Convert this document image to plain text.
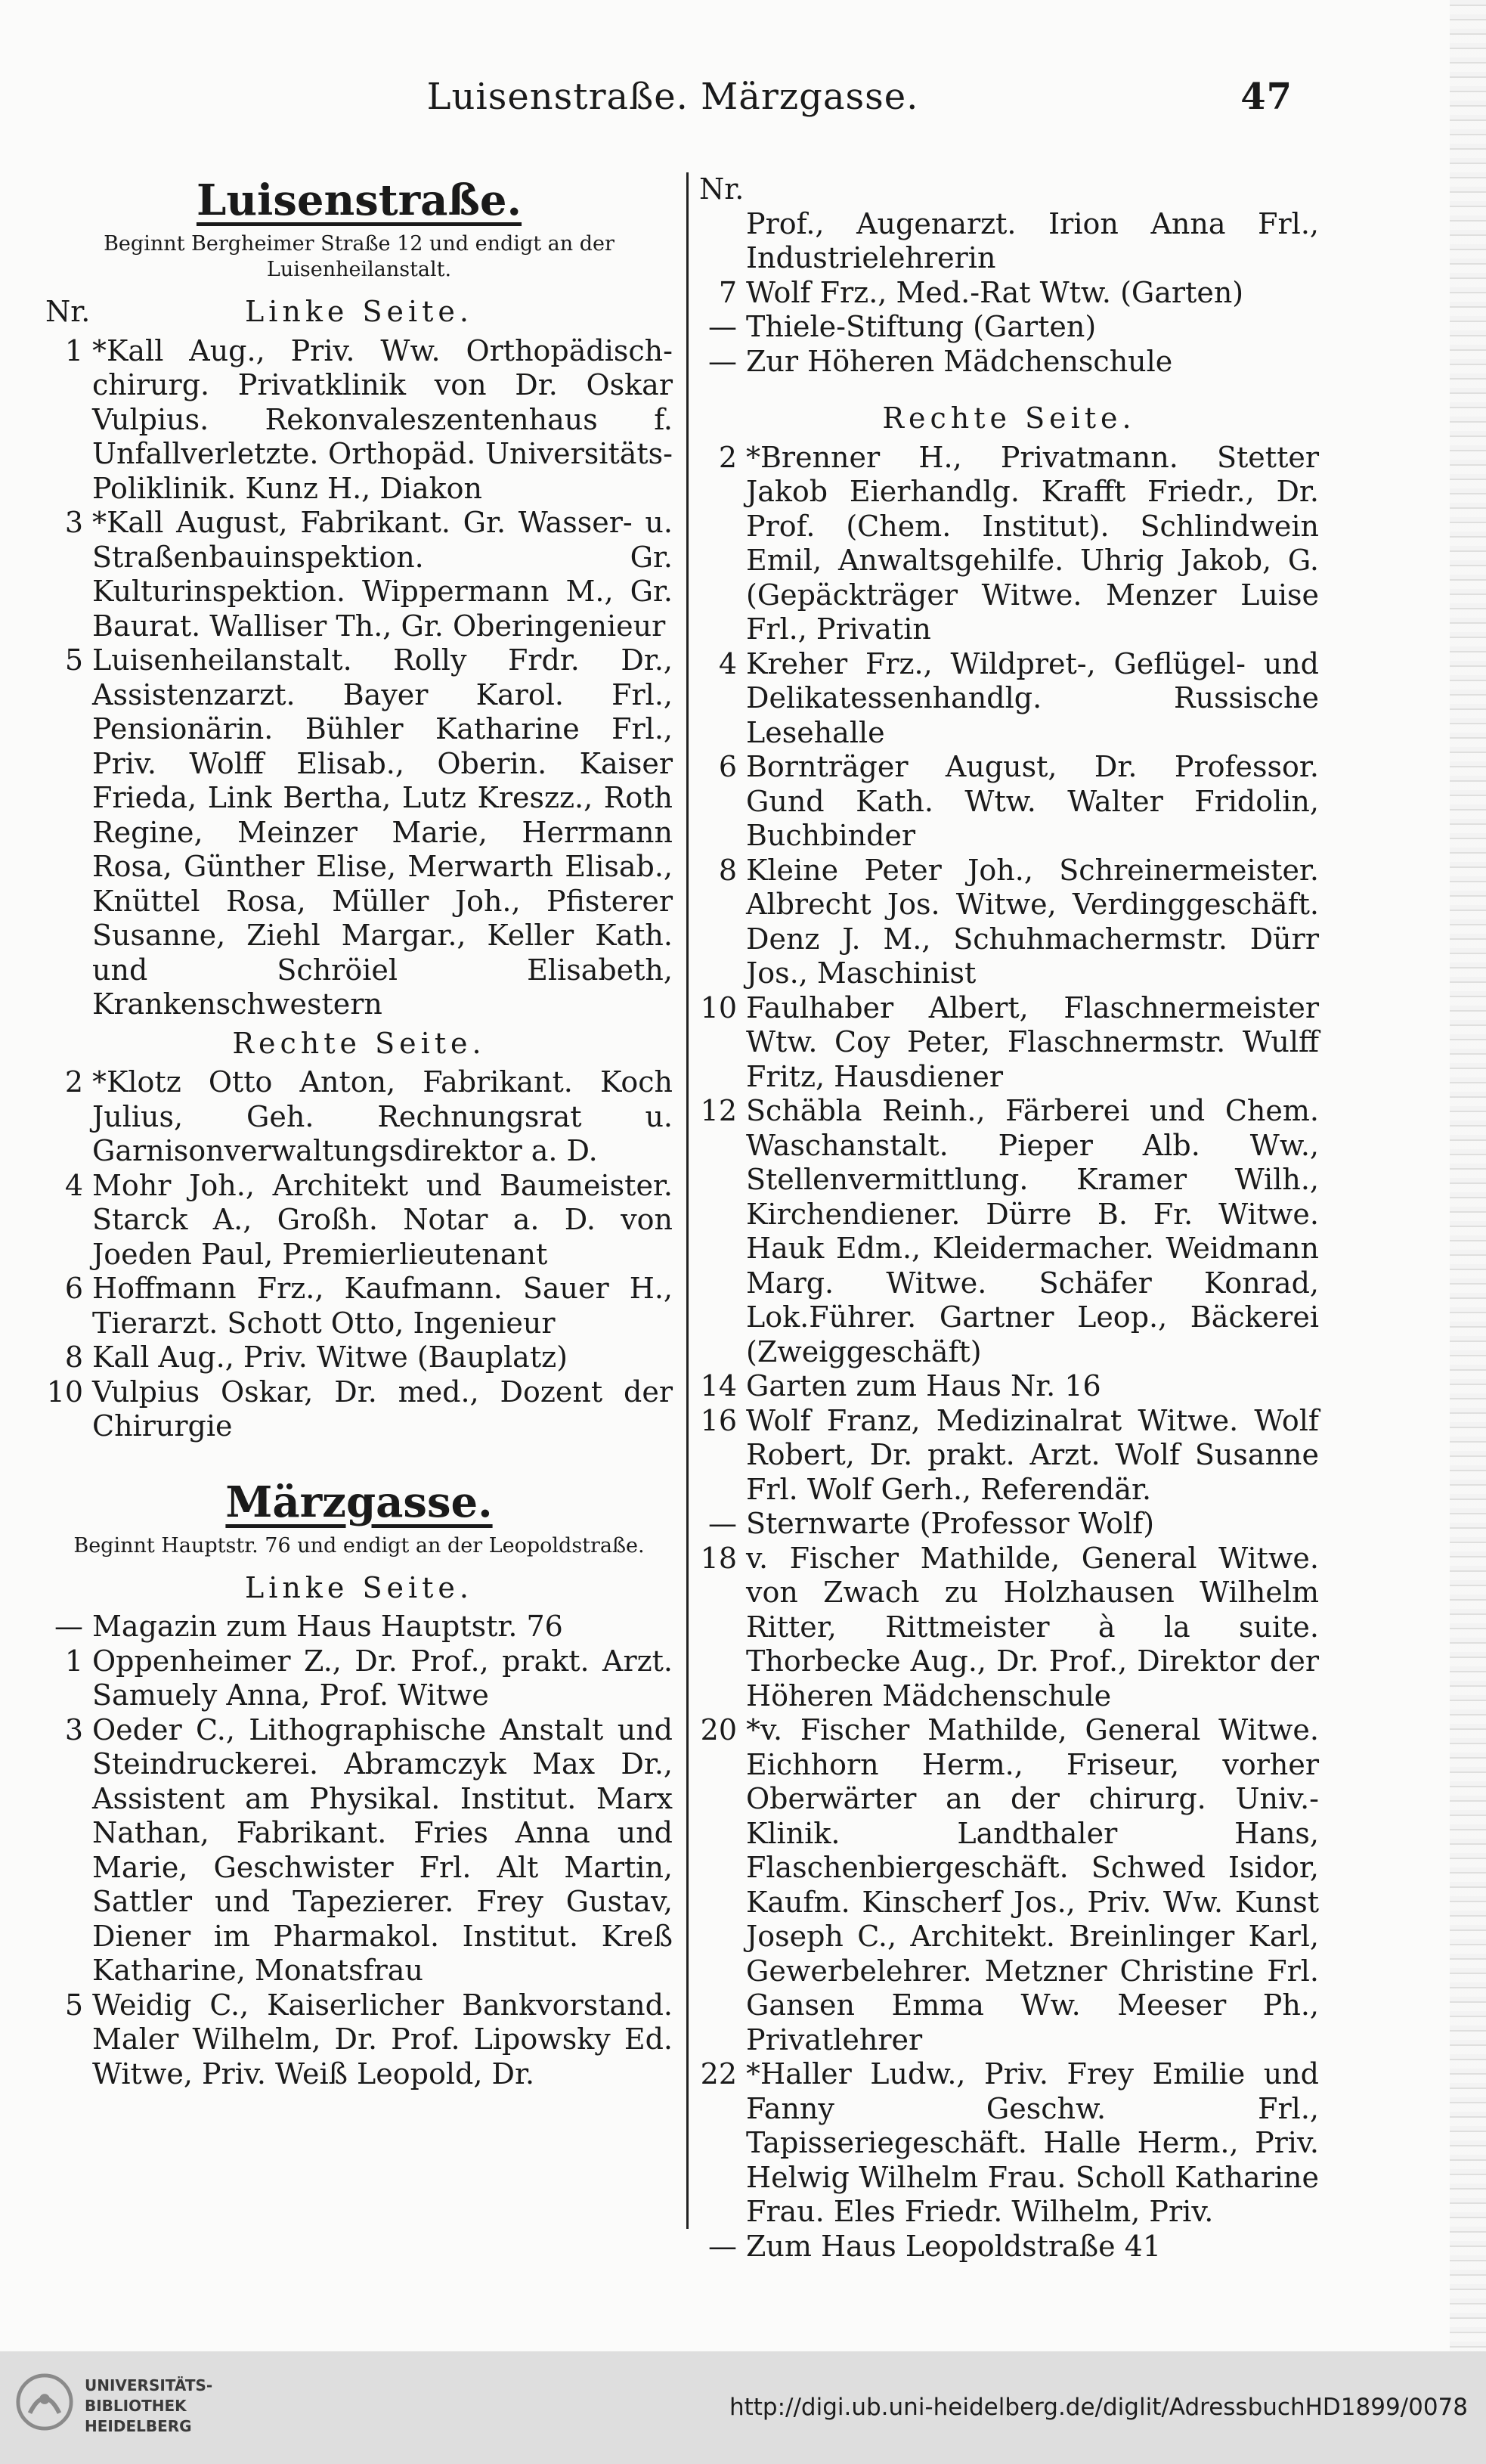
Luisenstraße. Märzgasse.	47
Luisenstraße.
Beginnt Bergheimer Straße 12 und endigt an der Luisenheilanstalt.
Nr.	Linke Seite.
1 *Kall Aug., Priv. Ww. Orthopädisch-chirurg. Privatklinik von Dr. Oskar Vulpius. Rekonvaleszentenhaus f. Unfallverletzte. Orthopäd. Universitäts-Poliklinik. Kunz H., Diakon
3 *Kall August, Fabrikant. Gr. Wasser- u. Straßenbauinspektion. Gr. Kulturinspektion. Wippermann M., Gr. Baurat. Walliser Th., Gr. Oberingenieur
5 Luisenheilanstalt. Rolly Frdr. Dr., Assistenzarzt. Bayer Karol. Frl., Pensionärin. Bühler Katharine Frl., Priv. Wolff Elisab., Oberin. Kaiser Frieda, Link Bertha, Lutz Kreszz., Roth Regine, Meinzer Marie, Herrmann Rosa, Günther Elise, Merwarth Elisab., Knüttel Rosa, Müller Joh., Pfisterer Susanne, Ziehl Margar., Keller Kath. und Schröiel Elisabeth, Krankenschwestern
Rechte Seite.
2 *Klotz Otto Anton, Fabrikant. Koch Julius, Geh. Rechnungsrat u. Garnisonverwaltungsdirektor a. D.
4 Mohr Joh., Architekt und Baumeister. Starck A., Großh. Notar a. D. von Joeden Paul, Premierlieutenant
6 Hoffmann Frz., Kaufmann. Sauer H., Tierarzt. Schott Otto, Ingenieur
8 Kall Aug., Priv. Witwe (Bauplatz)
10 Vulpius Oskar, Dr. med., Dozent der Chirurgie
Märzgasse.
Beginnt Hauptstr. 76 und endigt an der Leopoldstraße.
Linke Seite.
— Magazin zum Haus Hauptstr. 76
1 Oppenheimer Z., Dr. Prof., prakt. Arzt. Samuely Anna, Prof. Witwe
3 Oeder C., Lithographische Anstalt und Steindruckerei. Abramczyk Max Dr., Assistent am Physikal. Institut. Marx Nathan, Fabrikant. Fries Anna und Marie, Geschwister Frl. Alt Martin, Sattler und Tapezierer. Frey Gustav, Diener im Pharmakol. Institut. Kreß Katharine, Monatsfrau
5 Weidig C., Kaiserlicher Bankvorstand. Maler Wilhelm, Dr. Prof. Lipowsky Ed. Witwe, Priv. Weiß Leopold, Dr.
Nr.
Prof., Augenarzt. Irion Anna Frl., Industrielehrerin
7 Wolf Frz., Med.-Rat Wtw. (Garten)
— Thiele-Stiftung (Garten)
— Zur Höheren Mädchenschule
Rechte Seite.
2 *Brenner H., Privatmann. Stetter Jakob Eierhandlg. Krafft Friedr., Dr. Prof. (Chem. Institut). Schlindwein Emil, Anwaltsgehilfe. Uhrig Jakob, G.(Gepäckträger Witwe. Menzer Luise Frl., Privatin
4 Kreher Frz., Wildpret-, Geflügel- und Delikatessenhandlg. Russische Lesehalle
6 Bornträger August, Dr. Professor. Gund Kath. Wtw. Walter Fridolin, Buchbinder
8 Kleine Peter Joh., Schreinermeister. Albrecht Jos. Witwe, Verdinggeschäft. Denz J. M., Schuhmachermstr. Dürr Jos., Maschinist
10 Faulhaber Albert, Flaschnermeister Wtw. Coy Peter, Flaschnermstr. Wulff Fritz, Hausdiener
12 Schäbla Reinh., Färberei und Chem. Waschanstalt. Pieper Alb. Ww., Stellenvermittlung. Kramer Wilh., Kirchendiener. Dürre B. Fr. Witwe. Hauk Edm., Kleidermacher. Weidmann Marg. Witwe. Schäfer Konrad, Lok.Führer. Gartner Leop., Bäckerei (Zweiggeschäft)
14 Garten zum Haus Nr. 16
16 Wolf Franz, Medizinalrat Witwe. Wolf Robert, Dr. prakt. Arzt. Wolf Susanne Frl. Wolf Gerh., Referendär.
— Sternwarte (Professor Wolf)
18 v. Fischer Mathilde, General Witwe. von Zwach zu Holzhausen Wilhelm Ritter, Rittmeister à la suite. Thorbecke Aug., Dr. Prof., Direktor der Höheren Mädchenschule
20 *v. Fischer Mathilde, General Witwe. Eichhorn Herm., Friseur, vorher Oberwärter an der chirurg. Univ.-Klinik. Landthaler Hans, Flaschenbiergeschäft. Schwed Isidor, Kaufm. Kinscherf Jos., Priv. Ww. Kunst Joseph C., Architekt. Breinlinger Karl, Gewerbelehrer. Metzner Christine Frl. Gansen Emma Ww. Meeser Ph., Privatlehrer
22 *Haller Ludw., Priv. Frey Emilie und Fanny Geschw. Frl., Tapisseriegeschäft. Halle Herm., Priv. Helwig Wilhelm Frau. Scholl Katharine Frau. Eles Friedr. Wilhelm, Priv.
— Zum Haus Leopoldstraße 41
UNIVERSITÄTS-
BIBLIOTHEK
HEIDELBERG
http://digi.ub.uni-heidelberg.de/diglit/AdressbuchHD1899/0078
